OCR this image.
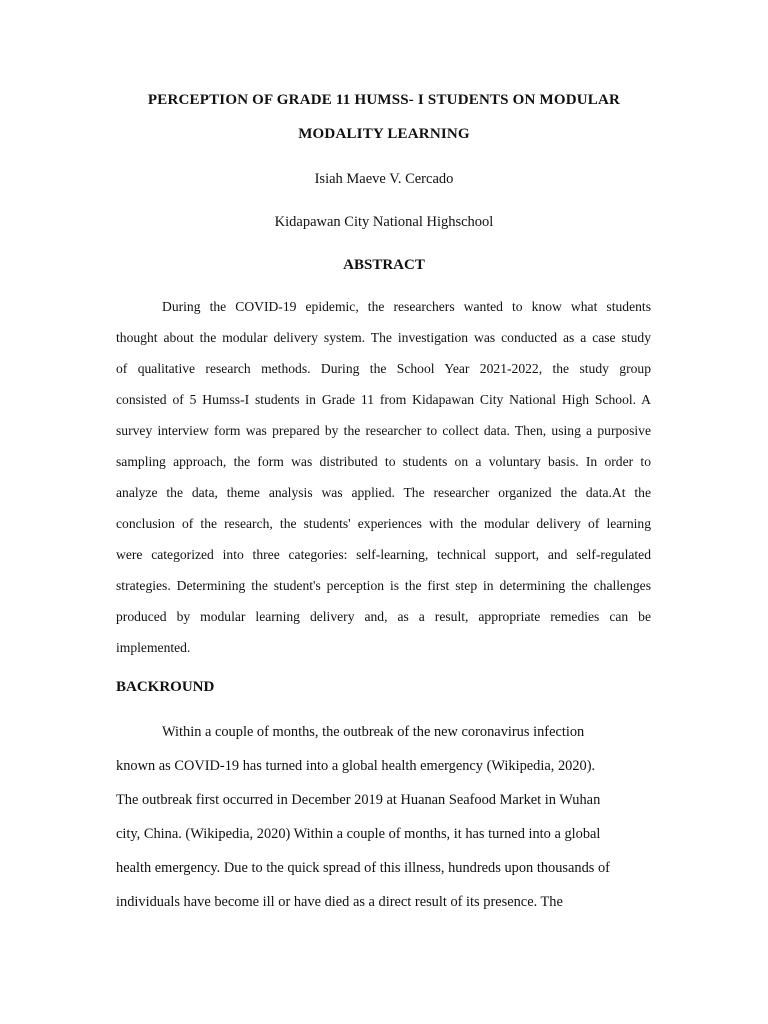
PERCEPTION OF GRADE 11 HUMSS- I STUDENTS ON MODULAR
MODALITY LEARNING
Isiah Maeve V. Cercado
Kidapawan City National Highschool
ABSTRACT
During the COVID-19 epidemic, the researchers wanted to know what students
thought about the modular delivery system. The investigation was conducted as a case study
of qualitative research methods. During the School Year 2021-2022, the study group
consisted of 5 Humss-I students in Grade 11 from Kidapawan City National High School. A
survey interview form was prepared by the researcher to collect data. Then, using a purposive
sampling approach, the form was distributed to students on a voluntary basis. In order to
analyze the data, theme analysis was applied. The researcher organized the data.At the
conclusion of the research, the students' experiences with the modular delivery of learning
were categorized into three categories: self-learning, technical support, and self-regulated
strategies. Determining the student's perception is the first step in determining the challenges
produced by modular learning delivery and, as a result, appropriate remedies can be
implemented.
BACKROUND
Within a couple of months, the outbreak of the new coronavirus infection
known as COVID-19 has turned into a global health emergency (Wikipedia, 2020).
The outbreak first occurred in December 2019 at Huanan Seafood Market in Wuhan
city, China. (Wikipedia, 2020) Within a couple of months, it has turned into a global
health emergency. Due to the quick spread of this illness, hundreds upon thousands of
individuals have become ill or have died as a direct result of its presence. The
